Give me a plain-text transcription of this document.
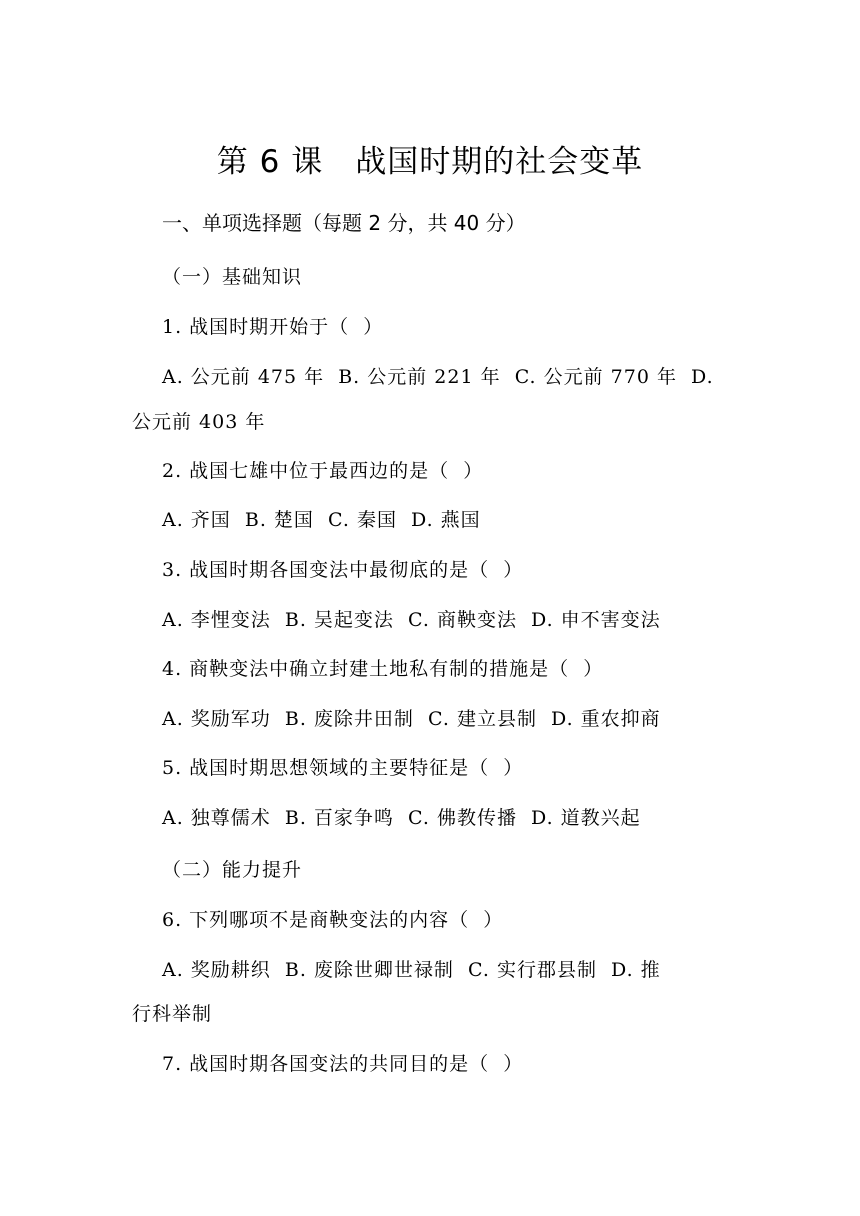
第 6 课　战国时期的社会变革
一、单项选择题（每题 2 分，共 40 分）
（一）基础知识
1. 战国时期开始于（  ）
A. 公元前 475 年  B. 公元前 221 年  C. 公元前 770 年  D.
公元前 403 年
2. 战国七雄中位于最西边的是（  ）
A. 齐国  B. 楚国  C. 秦国  D. 燕国
3. 战国时期各国变法中最彻底的是（  ）
A. 李悝变法  B. 吴起变法  C. 商鞅变法  D. 申不害变法
4. 商鞅变法中确立封建土地私有制的措施是（  ）
A. 奖励军功  B. 废除井田制  C. 建立县制  D. 重农抑商
5. 战国时期思想领域的主要特征是（  ）
A. 独尊儒术  B. 百家争鸣  C. 佛教传播  D. 道教兴起
（二）能力提升
6. 下列哪项不是商鞅变法的内容（  ）
A. 奖励耕织  B. 废除世卿世禄制  C. 实行郡县制  D. 推
行科举制
7. 战国时期各国变法的共同目的是（  ）
